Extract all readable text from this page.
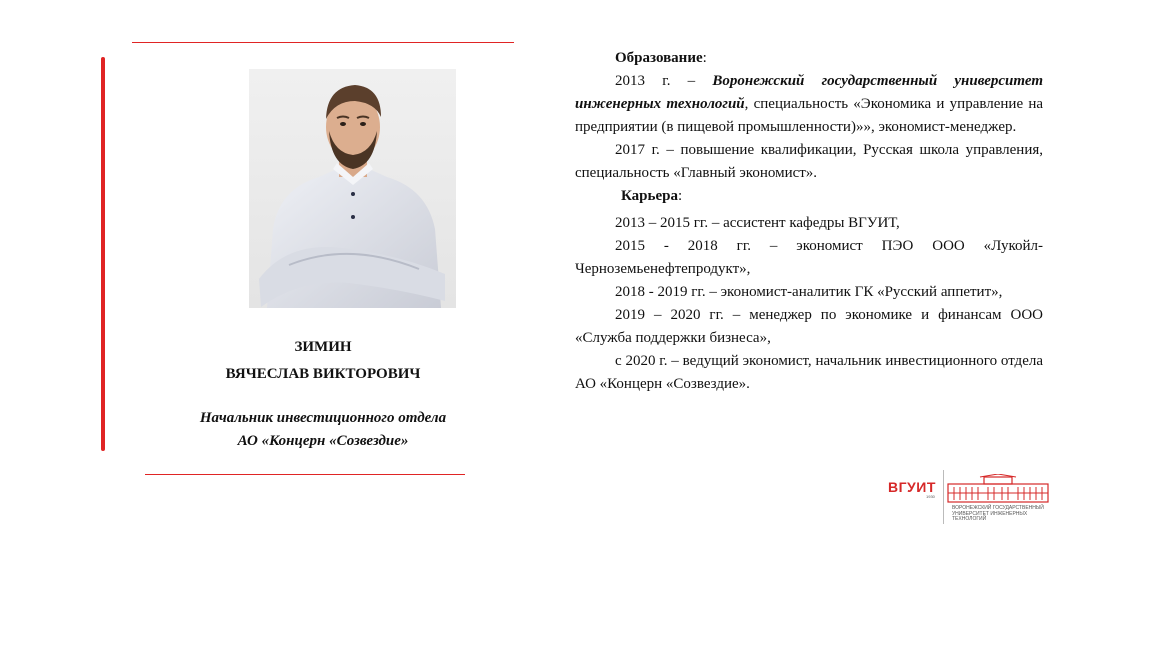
ЗИМИН
ВЯЧЕСЛАВ ВИКТОРОВИЧ
Начальник инвестиционного отдела
АО «Концерн «Созвездие»

Образование:

2013 г. – Воронежский государственный университет инженерных технологий, специальность «Экономика и управление на предприятии (в пищевой промышленности)»», экономист-менеджер.

2017 г. – повышение квалификации, Русская школа управления, специальность «Главный экономист».

Карьера:

2013 – 2015 гг. – ассистент кафедры ВГУИТ,

2015 - 2018 гг. – экономист ПЭО ООО «Лукойл-Черноземьенефтепродукт»,

2018 - 2019 гг. – экономист-аналитик ГК «Русский аппетит»,

2019 – 2020 гг. – менеджер по экономике и финансам ООО «Служба поддержки бизнеса»,

с 2020 г. – ведущий экономист, начальник инвестиционного отдела АО «Концерн «Созвездие».

ВГУИТ
1930
ВОРОНЕЖСКИЙ ГОСУДАРСТВЕННЫЙ УНИВЕРСИТЕТ ИНЖЕНЕРНЫХ ТЕХНОЛОГИЙ
